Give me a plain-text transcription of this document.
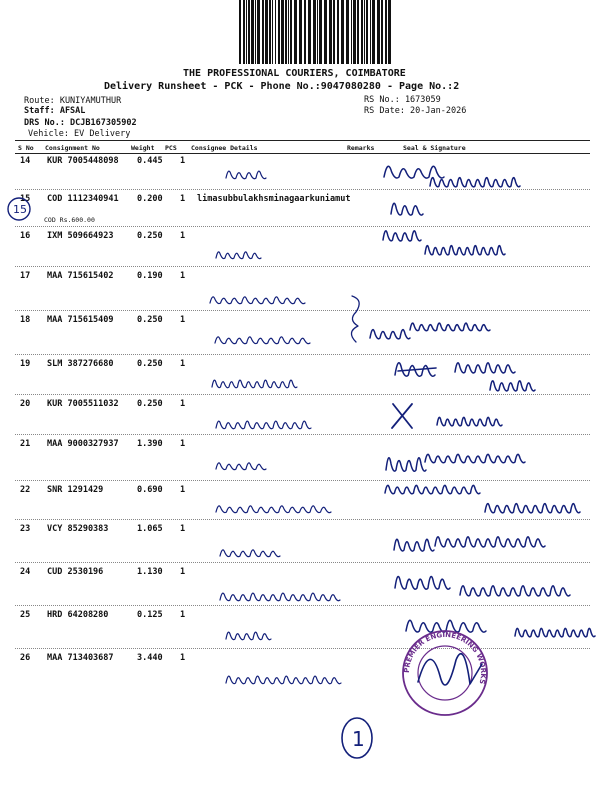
THE PROFESSIONAL COURIERS, COIMBATORE
Delivery Runsheet - PCK - Phone No.:9047080280 - Page No.:2
Route: KUNIYAMUTHUR
Staff: AFSAL
DRS No.: DCJB167305902
Vehicle: EV Delivery
RS No.: 1673059
RS Date: 20-Jan-2026
S No Consignment No	Weight PCS Consignee Details	Remarks	Seal & Signature
14 KUR 7005448098 0.445 1
15 COD 1112340941 0.200 1 limasubbulakhsminagaarkuniamut
COD Rs.600.00
16 IXM 509664923	0.250 1
17 MAA 715615402	0.190 1
18 MAA 715615409	0.250 1
19 SLM 387276680	0.250 1
20 KUR 7005511032 0.250 1
21 MAA 9000327937 1.390 1
22 SNR 1291429	0.690 1
23 VCY 85290383	1.065 1
24 CUD 2530196	1.130 1
25 HRD 64208280	0.125 1
26 MAA 713403687	3.440 1
15
1
PREMIER ENGINEERING WORKS
